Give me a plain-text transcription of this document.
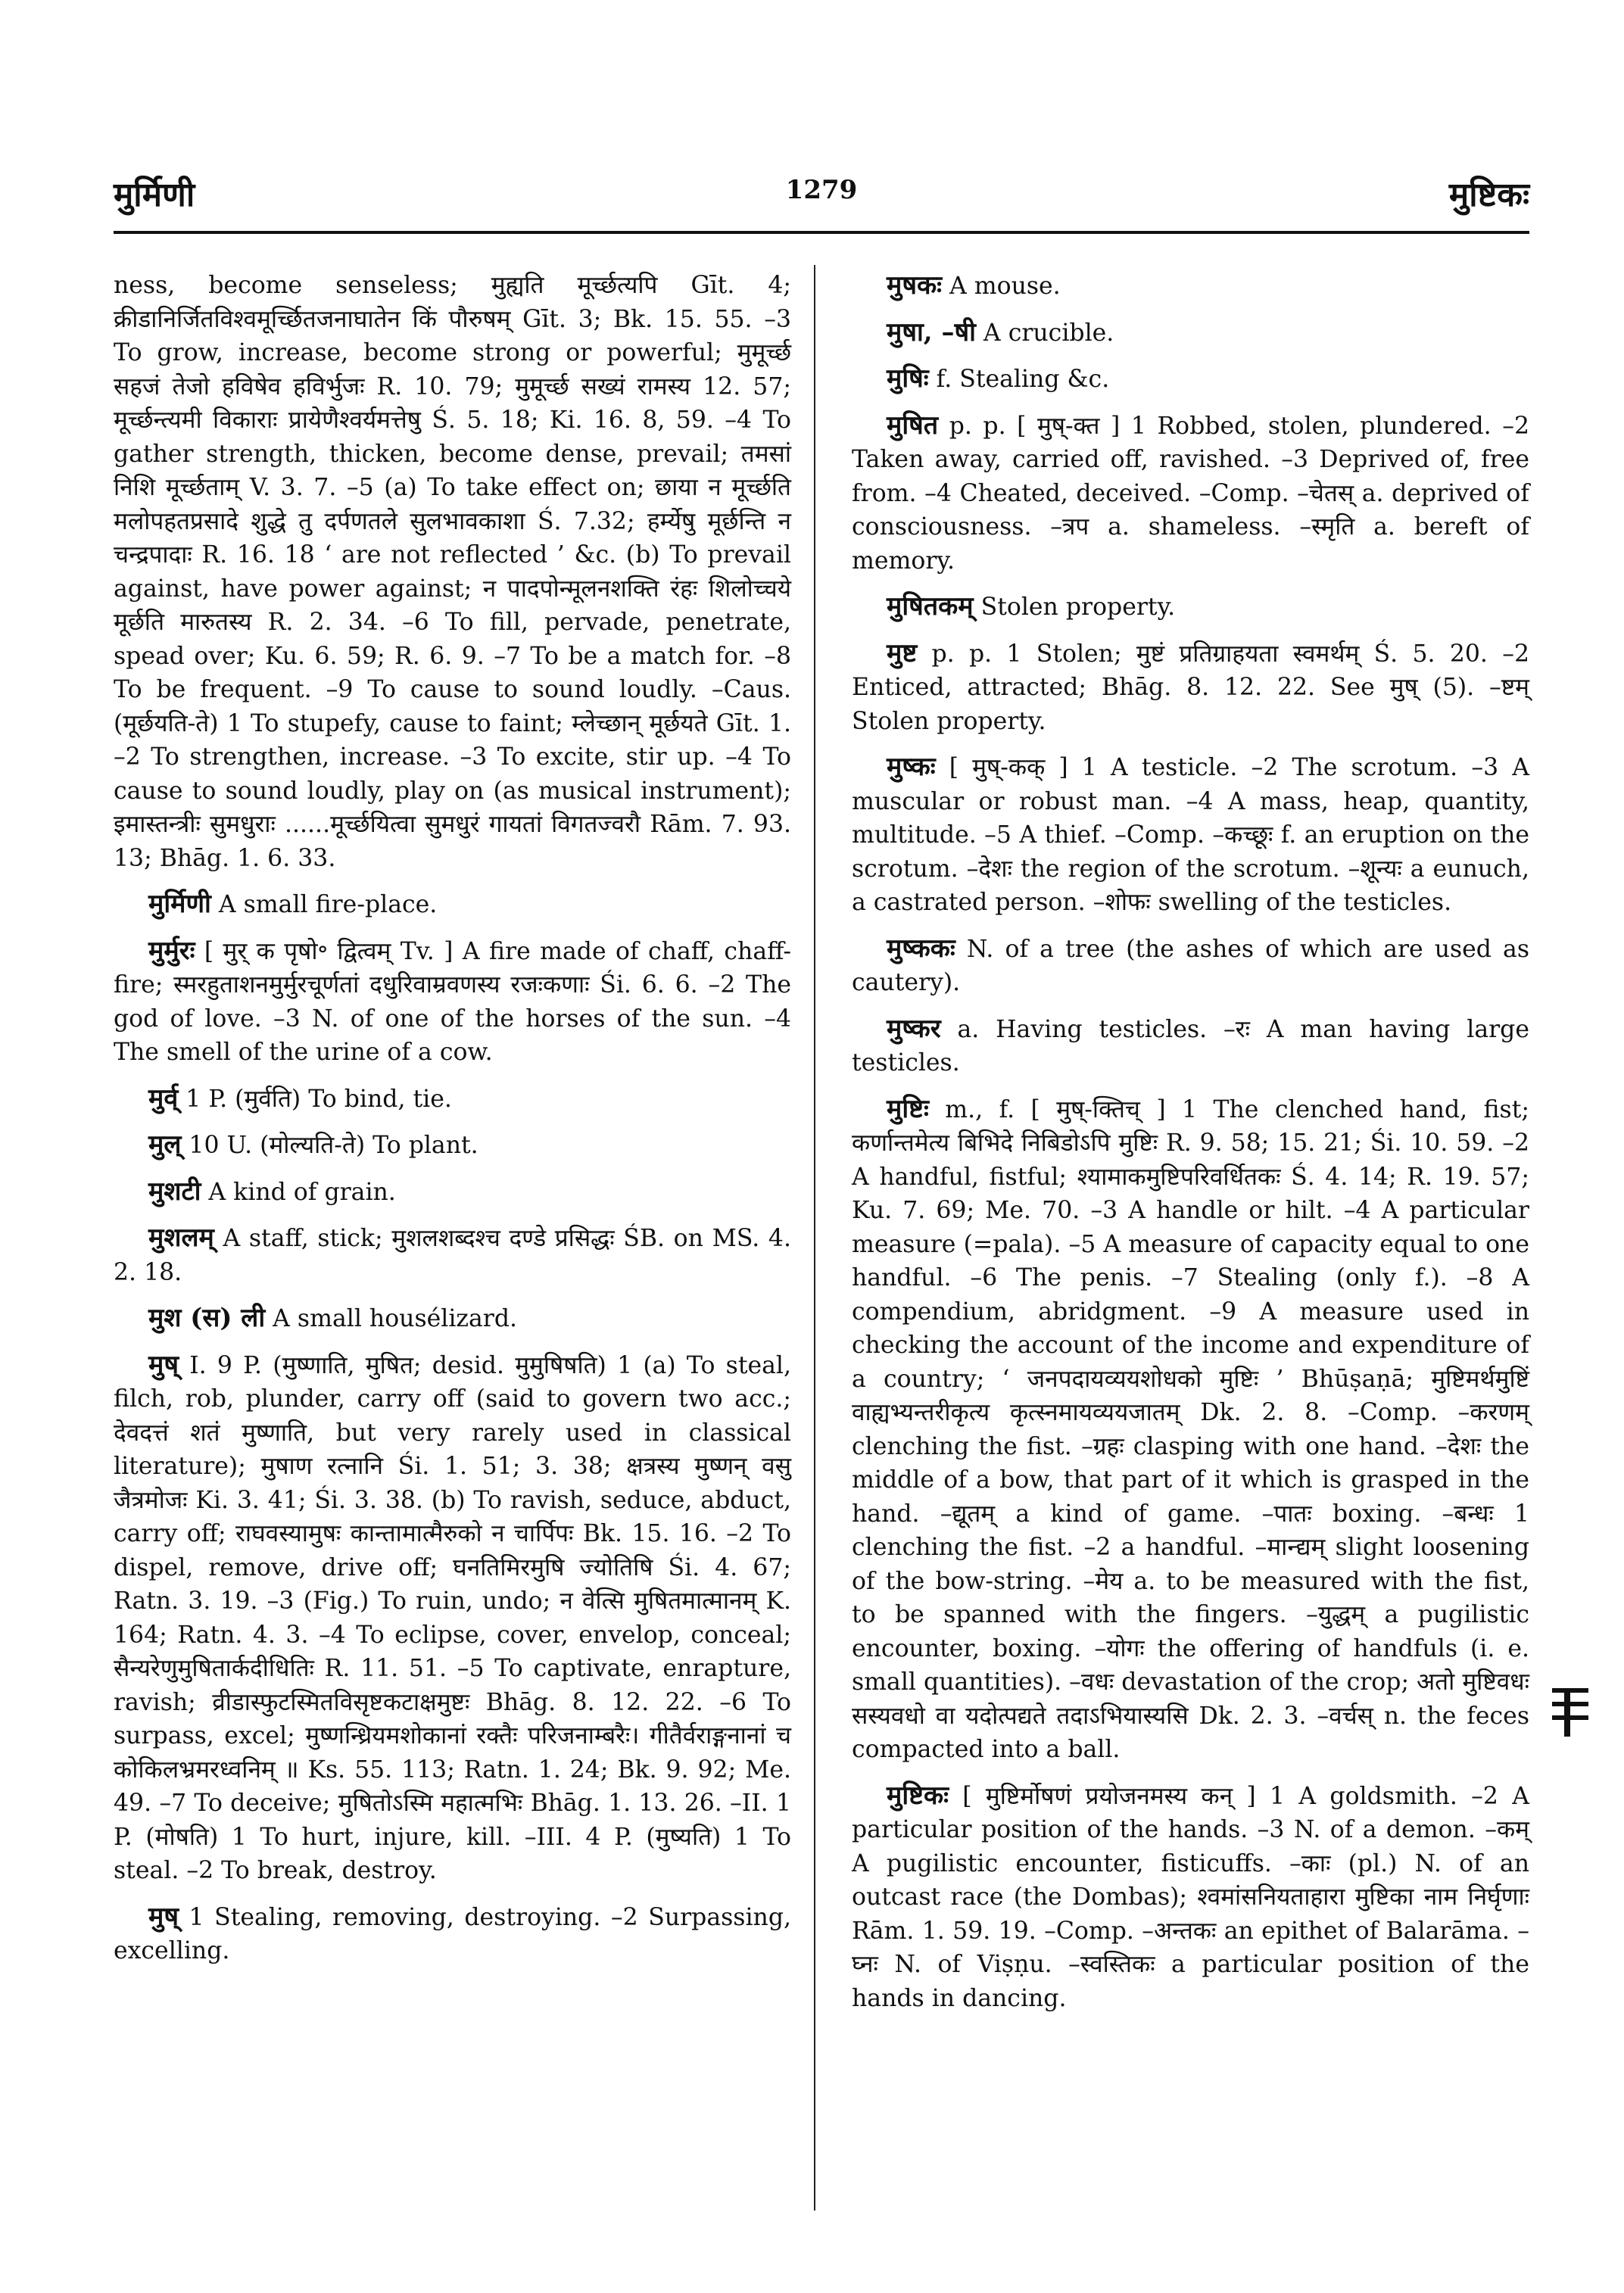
मुर्मिणी	1279	मुष्टिकः

ness, become senseless; मुह्यति मूर्च्छत्यपि Gīt. 4; क्रीडानिर्जितविश्वमूर्च्छितजनाघातेन किं पौरुषम् Gīt. 3; Bk. 15. 55. –3 To grow, increase, become strong or powerful; मुमूर्च्छ सहजं तेजो हविषेव हविर्भुजः R. 10. 79; मुमूर्च्छ सख्यं रामस्य 12. 57; मूर्च्छन्त्यमी विकाराः प्रायेणैश्वर्यमत्तेषु Ś. 5. 18; Ki. 16. 8, 59. –4 To gather strength, thicken, become dense, prevail; तमसां निशि मूर्च्छताम् V. 3. 7. –5 (a) To take effect on; छाया न मूर्च्छति मलोपहतप्रसादे शुद्धे तु दर्पणतले सुलभावकाशा Ś. 7.32; हर्म्येषु मूर्छन्ति न चन्द्रपादाः R. 16. 18 ‘ are not reflected ’ &c. (b) To prevail against, have power against; न पादपोन्मूलनशक्ति रंहः शिलोच्चये मूर्छति मारुतस्य R. 2. 34. –6 To fill, pervade, penetrate, spead over; Ku. 6. 59; R. 6. 9. –7 To be a match for. –8 To be frequent. –9 To cause to sound loudly. –Caus. (मूर्छयति-ते) 1 To stupefy, cause to faint; म्लेच्छान् मूर्छयते Gīt. 1. –2 To strengthen, increase. –3 To excite, stir up. –4 To cause to sound loudly, play on (as musical instrument); इमास्तन्त्रीः सुमधुराः ......मूर्च्छयित्वा सुमधुरं गायतां विगतज्वरौ Rām. 7. 93. 13; Bhāg. 1. 6. 33.

मुर्मिणी A small fire-place.

मुर्मुरः [ मुर् क पृषो॰ द्वित्वम् Tv. ] A fire made of chaff, chaff-fire; स्मरहुताशनमुर्मुरचूर्णतां दधुरिवाम्रवणस्य रजःकणाः Śi. 6. 6. –2 The god of love. –3 N. of one of the horses of the sun. –4 The smell of the urine of a cow.

मुर्व् 1 P. (मुर्वति) To bind, tie.

मुल् 10 U. (मोल्यति-ते) To plant.

मुशटी A kind of grain.

मुशलम् A staff, stick; मुशलशब्दश्च दण्डे प्रसिद्धः ŚB. on MS. 4. 2. 18.

मुश (स) ली A small housélizard.

मुष् I. 9 P. (मुष्णाति, मुषित; desid. मुमुषिषति) 1 (a) To steal, filch, rob, plunder, carry off (said to govern two acc.; देवदत्तं शतं मुष्णाति, but very rarely used in classical literature); मुषाण रत्नानि Śi. 1. 51; 3. 38; क्षत्रस्य मुष्णन् वसु जैत्रमोजः Ki. 3. 41; Śi. 3. 38. (b) To ravish, seduce, abduct, carry off; राघवस्यामुषः कान्तामात्मैरुको न चार्पिपः Bk. 15. 16. –2 To dispel, remove, drive off; घनतिमिरमुषि ज्योतिषि Śi. 4. 67; Ratn. 3. 19. –3 (Fig.) To ruin, undo; न वेत्सि मुषितमात्मानम् K. 164; Ratn. 4. 3. –4 To eclipse, cover, envelop, conceal; सैन्यरेणुमुषितार्कदीधितिः R. 11. 51. –5 To captivate, enrapture, ravish; व्रीडास्फुटस्मितविसृष्टकटाक्षमुष्टः Bhāg. 8. 12. 22. –6 To surpass, excel; मुष्णन्ध्रियमशोकानां रक्तैः परिजनाम्बरैः। गीतैर्वराङ्गनानां च कोकिलभ्रमरध्वनिम् ॥ Ks. 55. 113; Ratn. 1. 24; Bk. 9. 92; Me. 49. –7 To deceive; मुषितोऽस्मि महात्मभिः Bhāg. 1. 13. 26. –II. 1 P. (मोषति) 1 To hurt, injure, kill. –III. 4 P. (मुष्यति) 1 To steal. –2 To break, destroy.

मुष् 1 Stealing, removing, destroying. –2 Surpassing, excelling.

मुषकः A mouse.

मुषा, –षी A crucible.

मुषिः f. Stealing &c.

मुषित p. p. [ मुष्-क्त ] 1 Robbed, stolen, plundered. –2 Taken away, carried off, ravished. –3 Deprived of, free from. –4 Cheated, deceived. –Comp. –चेतस् a. deprived of consciousness. –त्रप a. shameless. –स्मृति a. bereft of memory.

मुषितकम् Stolen property.

मुष्ट p. p. 1 Stolen; मुष्टं प्रतिग्राहयता स्वमर्थम् Ś. 5. 20. –2 Enticed, attracted; Bhāg. 8. 12. 22. See मुष् (5). –ष्टम् Stolen property.

मुष्कः [ मुष्-कक् ] 1 A testicle. –2 The scrotum. –3 A muscular or robust man. –4 A mass, heap, quantity, multitude. –5 A thief. –Comp. –कच्छूः f. an eruption on the scrotum. –देशः the region of the scrotum. –शून्यः a eunuch, a castrated person. –शोफः swelling of the testicles.

मुष्ककः N. of a tree (the ashes of which are used as cautery).

मुष्कर a. Having testicles. –रः A man having large testicles.

मुष्टिः m., f. [ मुष्-क्तिच् ] 1 The clenched hand, fist; कर्णान्तमेत्य बिभिदे निबिडोऽपि मुष्टिः R. 9. 58; 15. 21; Śi. 10. 59. –2 A handful, fistful; श्यामाकमुष्टिपरिवर्धितकः Ś. 4. 14; R. 19. 57; Ku. 7. 69; Me. 70. –3 A handle or hilt. –4 A particular measure (=pala). –5 A measure of capacity equal to one handful. –6 The penis. –7 Stealing (only f.). –8 A compendium, abridgment. –9 A measure used in checking the account of the income and expenditure of a country; ‘ जनपदायव्ययशोधको मुष्टिः ’ Bhūṣaṇā; मुष्टिमर्थमुष्टिं वाह्यभ्यन्तरीकृत्य कृत्स्नमायव्ययजातम् Dk. 2. 8. –Comp. –करणम् clenching the fist. –ग्रहः clasping with one hand. –देशः the middle of a bow, that part of it which is grasped in the hand. –द्यूतम् a kind of game. –पातः boxing. –बन्धः 1 clenching the fist. –2 a handful. –मान्द्यम् slight loosening of the bow-string. –मेय a. to be measured with the fist, to be spanned with the fingers. –युद्धम् a pugilistic encounter, boxing. –योगः the offering of handfuls (i. e. small quantities). –वधः devastation of the crop; अतो मुष्टिवधः सस्यवधो वा यदोत्पद्यते तदाऽभियास्यसि Dk. 2. 3. –वर्चस् n. the feces compacted into a ball.

मुष्टिकः [ मुष्टिर्मोषणं प्रयोजनमस्य कन् ] 1 A goldsmith. –2 A particular position of the hands. –3 N. of a demon. –कम् A pugilistic encounter, fisticuffs. –काः (pl.) N. of an outcast race (the Dombas); श्वमांसनियताहारा मुष्टिका नाम निर्घृणाः Rām. 1. 59. 19. –Comp. –अन्तकः an epithet of Balarāma. –घ्नः N. of Viṣṇu. –स्वस्तिकः a particular position of the hands in dancing.
